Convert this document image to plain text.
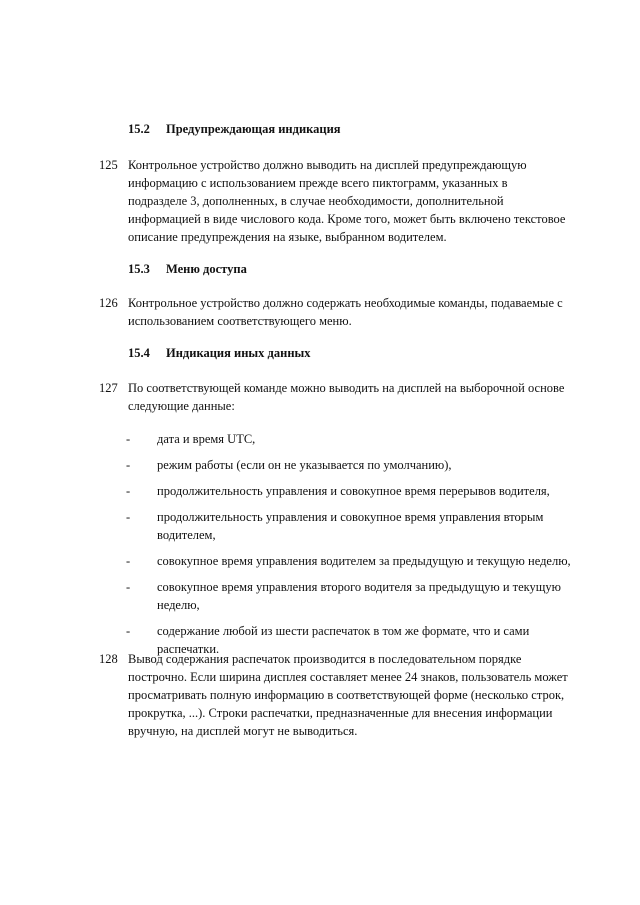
15.2 Предупреждающая индикация
125 Контрольное устройство должно выводить на дисплей предупреждающую информацию с использованием прежде всего пиктограмм, указанных в подразделе 3, дополненных, в случае необходимости, дополнительной информацией в виде числового кода. Кроме того, может быть включено текстовое описание предупреждения на языке, выбранном водителем.
15.3 Меню доступа
126 Контрольное устройство должно содержать необходимые команды, подаваемые с использованием соответствующего меню.
15.4 Индикация иных данных
127 По соответствующей команде можно выводить на дисплей на выборочной основе следующие данные:
- дата и время UTC,
- режим работы (если он не указывается по умолчанию),
- продолжительность управления и совокупное время перерывов водителя,
- продолжительность управления и совокупное время управления вторым водителем,
- совокупное время управления водителем за предыдущую и текущую неделю,
- совокупное время управления второго водителя за предыдущую и текущую неделю,
- содержание любой из шести распечаток в том же формате, что и сами распечатки.
128 Вывод содержания распечаток производится в последовательном порядке построчно. Если ширина дисплея составляет менее 24 знаков, пользователь может просматривать полную информацию в соответствующей форме (несколько строк, прокрутка, ...). Строки распечатки, предназначенные для внесения информации вручную, на дисплей могут не выводиться.
